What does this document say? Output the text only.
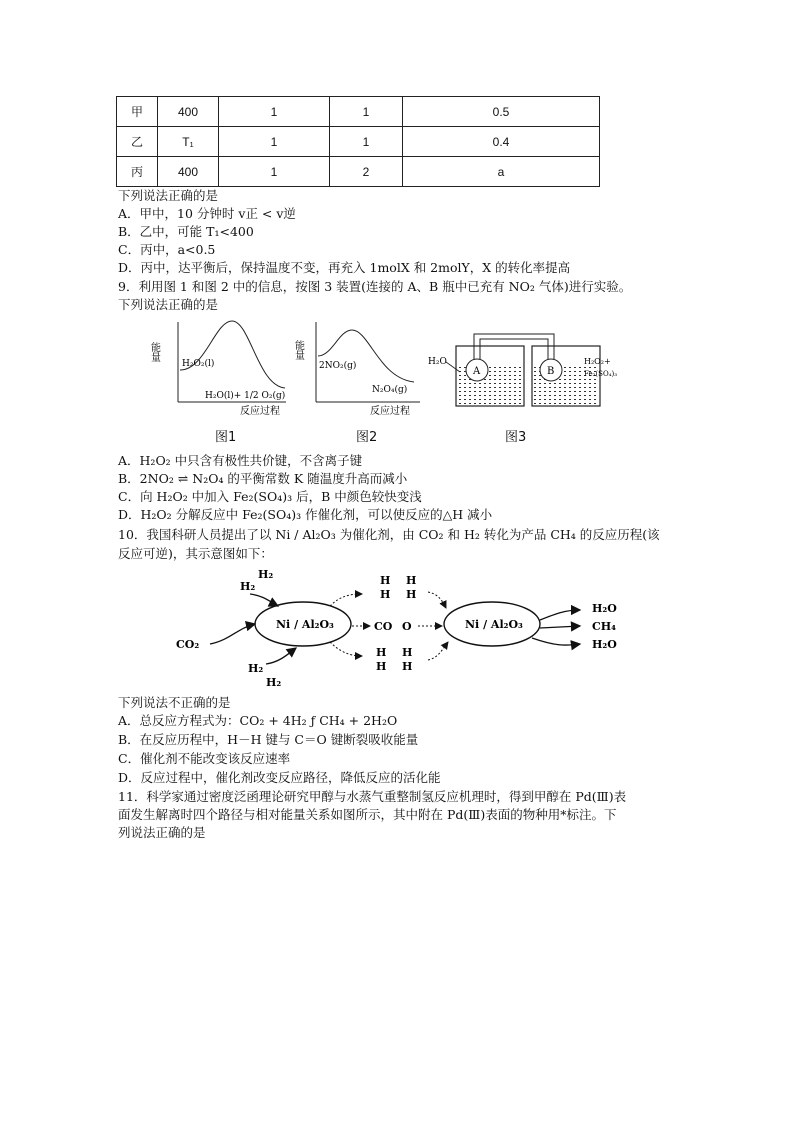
甲	400	1	1	0.5
乙	T₁	1	1	0.4
丙	400	1	2	a
下列说法正确的是
A．甲中，10 分钟时 v正 < v逆
B．乙中，可能 T₁<400
C．丙中，a<0.5
D．丙中，达平衡后，保持温度不变，再充入 1molX 和 2molY，X 的转化率提高
9．利用图 1 和图 2 中的信息，按图 3 装置(连接的 A、B 瓶中已充有 NO₂ 气体)进行实验。
下列说法正确的是
能量
H₂O₂(l)
H₂O(l)+ 1/2 O₂(g)
反应过程
图1
能量
2NO₂(g)
N₂O₄(g)
反应过程
图2
A	B
H₂O	H₂O₂+
Fe₂(SO₄)₃
图3
A．H₂O₂ 中只含有极性共价键，不含离子键
B．2NO₂ ⇌ N₂O₄ 的平衡常数 K 随温度升高而减小
C．向 H₂O₂ 中加入 Fe₂(SO₄)₃ 后，B 中颜色较快变浅
D．H₂O₂ 分解反应中 Fe₂(SO₄)₃ 作催化剂，可以使反应的△H 减小
10．我国科研人员提出了以 Ni / Al₂O₃ 为催化剂，由 CO₂ 和 H₂ 转化为产品 CH₄ 的反应历程(该
反应可逆)，其示意图如下：
Ni / Al₂O₃	Ni / Al₂O₃
CO₂
H₂
H₂
H₂
H₂
H H
H H
CO O
H H
H H
H₂O
CH₄
H₂O
下列说法不正确的是
A．总反应方程式为：CO₂ + 4H₂ ƒ CH₄ + 2H₂O
B．在反应历程中，H－H 键与 C＝O 键断裂吸收能量
C．催化剂不能改变该反应速率
D．反应过程中，催化剂改变反应路径，降低反应的活化能
11．科学家通过密度泛函理论研究甲醇与水蒸气重整制氢反应机理时，得到甲醇在 Pd(Ⅲ)表
面发生解离时四个路径与相对能量关系如图所示，其中附在 Pd(Ⅲ)表面的物种用*标注。下
列说法正确的是
